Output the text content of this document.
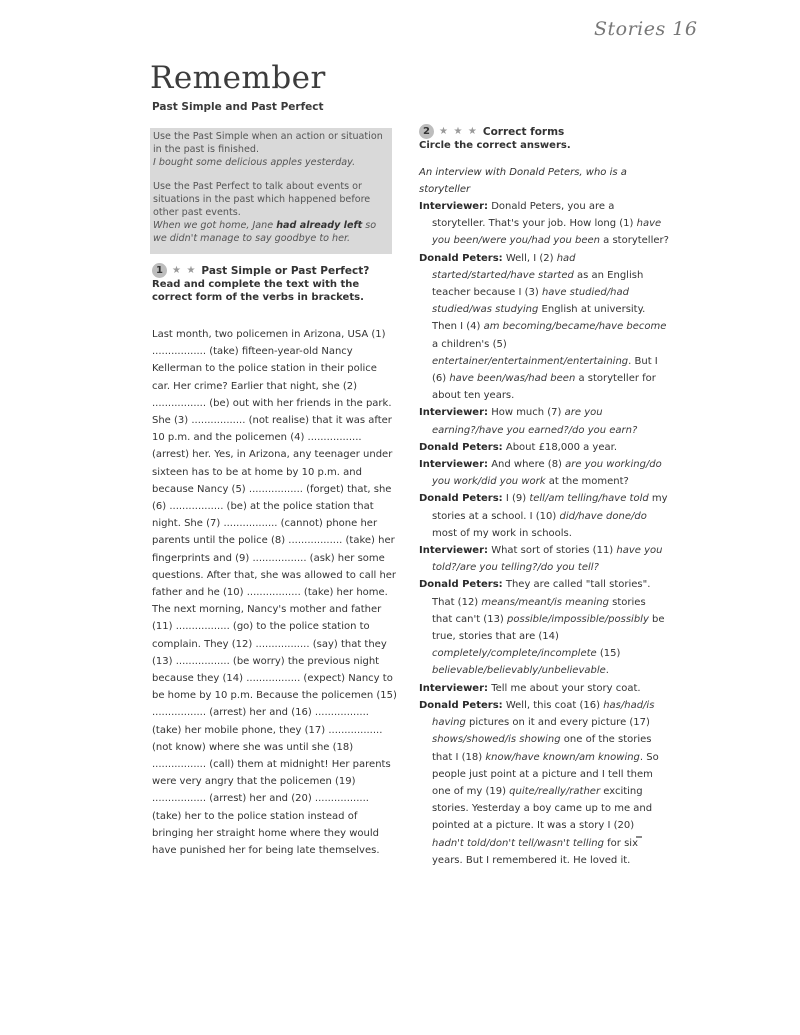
Stories 16
Remember
Past Simple and Past Perfect

Use the Past Simple when an action or situation in the past is finished.
I bought some delicious apples yesterday.

Use the Past Perfect to talk about events or situations in the past which happened before other past events.
When we got home, Jane had already left so we didn't manage to say goodbye to her.

1 ★ ★ Past Simple or Past Perfect?
Read and complete the text with the correct form of the verbs in brackets.
Last month, two policemen in Arizona, USA (1) ................. (take) fifteen-year-old Nancy Kellerman to the police station in their police car. Her crime? Earlier that night, she (2) ................. (be) out with her friends in the park. She (3) ................. (not realise) that it was after 10 p.m. and the policemen (4) ................. (arrest) her. Yes, in Arizona, any teenager under sixteen has to be at home by 10 p.m. and because Nancy (5) ................. (forget) that, she (6) ................. (be) at the police station that night. She (7) ................. (cannot) phone her parents until the police (8) ................. (take) her fingerprints and (9) ................. (ask) her some questions. After that, she was allowed to call her father and he (10) ................. (take) her home. The next morning, Nancy's mother and father (11) ................. (go) to the police station to complain. They (12) ................. (say) that they (13) ................. (be worry) the previous night because they (14) ................. (expect) Nancy to be home by 10 p.m. Because the policemen (15) ................. (arrest) her and (16) ................. (take) her mobile phone, they (17) ................. (not know) where she was until she (18) ................. (call) them at midnight! Her parents were very angry that the policemen (19) ................. (arrest) her and (20) ................. (take) her to the police station instead of bringing her straight home where they would have punished her for being late themselves.
2 ★ ★ ★ Correct forms
Circle the correct answers.
An interview with Donald Peters, who is a storyteller

Interviewer: Donald Peters, you are a storyteller. That's your job. How long (1) have you been/were you/had you been a storyteller?

Donald Peters: Well, I (2) had started/started/have started as an English teacher because I (3) have studied/had studied/was studying English at university. Then I (4) am becoming/became/have become a children's (5) entertainer/entertainment/entertaining. But I (6) have been/was/had been a storyteller for about ten years.

Interviewer: How much (7) are you earning?/have you earned?/do you earn?

Donald Peters: About £18,000 a year.

Interviewer: And where (8) are you working/do you work/did you work at the moment?

Donald Peters: I (9) tell/am telling/have told my stories at a school. I (10) did/have done/do most of my work in schools.

Interviewer: What sort of stories (11) have you told?/are you telling?/do you tell?

Donald Peters: They are called "tall stories". That (12) means/meant/is meaning stories that can't (13) possible/impossible/possibly be true, stories that are (14) completely/complete/incomplete (15) believable/believably/unbelievable.

Interviewer: Tell me about your story coat.

Donald Peters: Well, this coat (16) has/had/is having pictures on it and every picture (17) shows/showed/is showing one of the stories that I (18) know/have known/am knowing. So people just point at a picture and I tell them one of my (19) quite/really/rather exciting stories. Yesterday a boy came up to me and pointed at a picture. It was a story I (20) hadn't told/don't tell/wasn't telling for six years. But I remembered it. He loved it.
